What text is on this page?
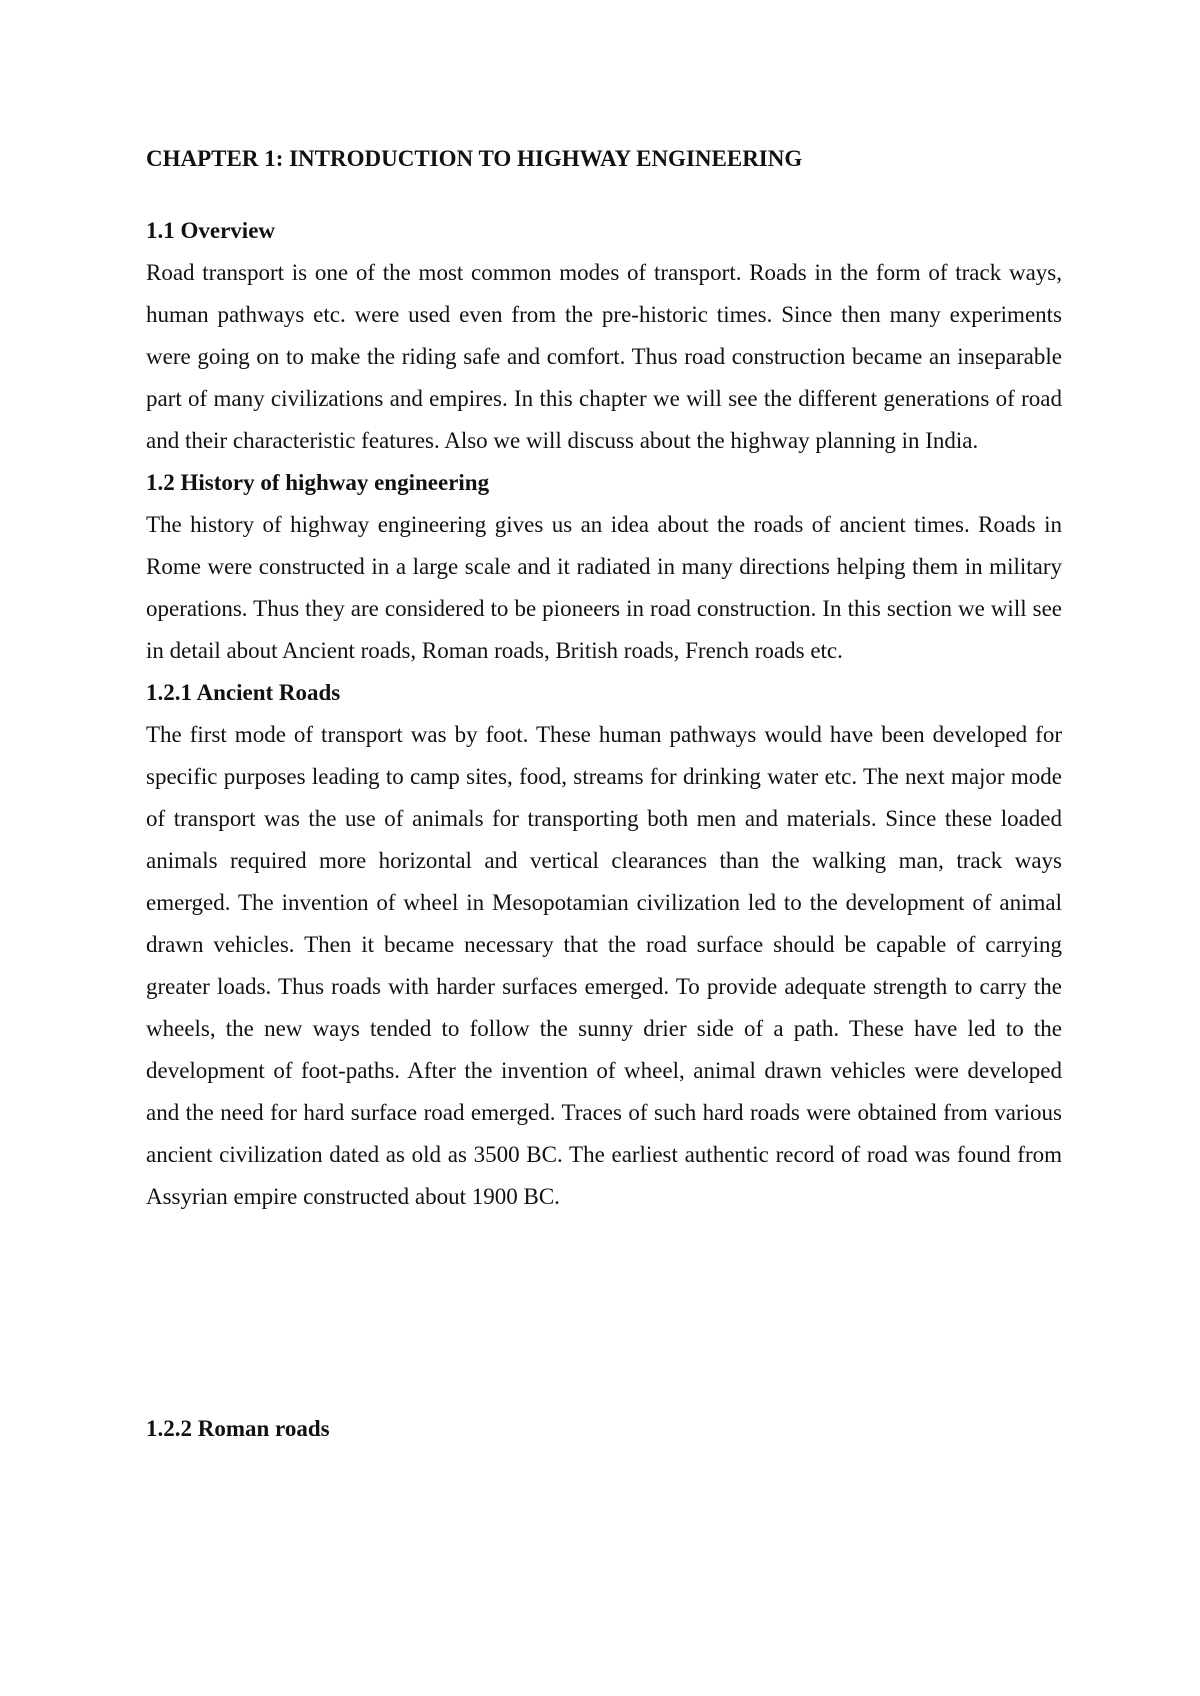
CHAPTER 1: INTRODUCTION TO HIGHWAY ENGINEERING
1.1 Overview

Road transport is one of the most common modes of transport. Roads in the form of track ways, human pathways etc. were used even from the pre-historic times. Since then many experiments were going on to make the riding safe and comfort. Thus road construction became an inseparable part of many civilizations and empires. In this chapter we will see the different generations of road and their characteristic features. Also we will discuss about the highway planning in India.

1.2 History of highway engineering

The history of highway engineering gives us an idea about the roads of ancient times. Roads in Rome were constructed in a large scale and it radiated in many directions helping them in military operations. Thus they are considered to be pioneers in road construction. In this section we will see in detail about Ancient roads, Roman roads, British roads, French roads etc.

1.2.1 Ancient Roads

The first mode of transport was by foot. These human pathways would have been developed for specific purposes leading to camp sites, food, streams for drinking water etc. The next major mode of transport was the use of animals for transporting both men and materials. Since these loaded animals required more horizontal and vertical clearances than the walking man, track ways emerged. The invention of wheel in Mesopotamian civilization led to the development of animal drawn vehicles. Then it became necessary that the road surface should be capable of carrying greater loads. Thus roads with harder surfaces emerged. To provide adequate strength to carry the wheels, the new ways tended to follow the sunny drier side of a path. These have led to the development of foot-paths. After the invention of wheel, animal drawn vehicles were developed and the need for hard surface road emerged. Traces of such hard roads were obtained from various ancient civilization dated as old as 3500 BC. The earliest authentic record of road was found from Assyrian empire constructed about 1900 BC.

1.2.2 Roman roads
